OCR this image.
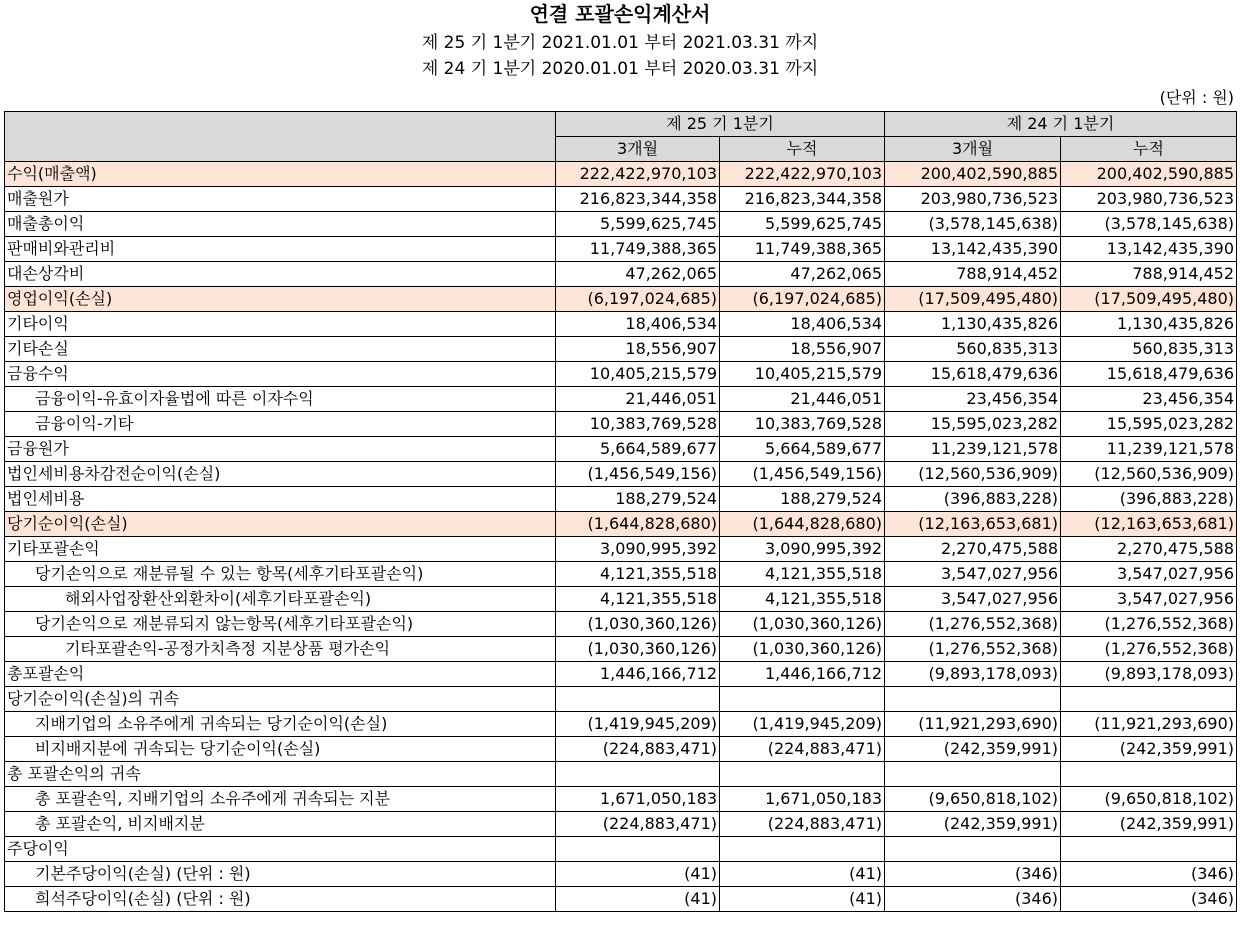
연결 포괄손익계산서
제 25 기 1분기 2021.01.01 부터 2021.03.31 까지
제 24 기 1분기 2020.01.01 부터 2020.03.31 까지
(단위 : 원)
	제 25 기 1분기		제 24 기 1분기	
	3개월	누적	3개월	누적
수익(매출액)	222,422,970,103	222,422,970,103	200,402,590,885	200,402,590,885
매출원가	216,823,344,358	216,823,344,358	203,980,736,523	203,980,736,523
매출총이익	5,599,625,745	5,599,625,745	(3,578,145,638)	(3,578,145,638)
판매비와관리비	11,749,388,365	11,749,388,365	13,142,435,390	13,142,435,390
대손상각비	47,262,065	47,262,065	788,914,452	788,914,452
영업이익(손실)	(6,197,024,685)	(6,197,024,685)	(17,509,495,480)	(17,509,495,480)
기타이익	18,406,534	18,406,534	1,130,435,826	1,130,435,826
기타손실	18,556,907	18,556,907	560,835,313	560,835,313
금융수익	10,405,215,579	10,405,215,579	15,618,479,636	15,618,479,636
금융이익-유효이자율법에 따른 이자수익	21,446,051	21,446,051	23,456,354	23,456,354
금융이익-기타	10,383,769,528	10,383,769,528	15,595,023,282	15,595,023,282
금융원가	5,664,589,677	5,664,589,677	11,239,121,578	11,239,121,578
법인세비용차감전순이익(손실)	(1,456,549,156)	(1,456,549,156)	(12,560,536,909)	(12,560,536,909)
법인세비용	188,279,524	188,279,524	(396,883,228)	(396,883,228)
당기순이익(손실)	(1,644,828,680)	(1,644,828,680)	(12,163,653,681)	(12,163,653,681)
기타포괄손익	3,090,995,392	3,090,995,392	2,270,475,588	2,270,475,588
당기손익으로 재분류될 수 있는 항목(세후기타포괄손익)	4,121,355,518	4,121,355,518	3,547,027,956	3,547,027,956
해외사업장환산외환차이(세후기타포괄손익)	4,121,355,518	4,121,355,518	3,547,027,956	3,547,027,956
당기손익으로 재분류되지 않는항목(세후기타포괄손익)	(1,030,360,126)	(1,030,360,126)	(1,276,552,368)	(1,276,552,368)
기타포괄손익-공정가치측정 지분상품 평가손익	(1,030,360,126)	(1,030,360,126)	(1,276,552,368)	(1,276,552,368)
총포괄손익	1,446,166,712	1,446,166,712	(9,893,178,093)	(9,893,178,093)
당기순이익(손실)의 귀속				
지배기업의 소유주에게 귀속되는 당기순이익(손실)	(1,419,945,209)	(1,419,945,209)	(11,921,293,690)	(11,921,293,690)
비지배지분에 귀속되는 당기순이익(손실)	(224,883,471)	(224,883,471)	(242,359,991)	(242,359,991)
총 포괄손익의 귀속				
총 포괄손익, 지배기업의 소유주에게 귀속되는 지분	1,671,050,183	1,671,050,183	(9,650,818,102)	(9,650,818,102)
총 포괄손익, 비지배지분	(224,883,471)	(224,883,471)	(242,359,991)	(242,359,991)
주당이익				
기본주당이익(손실) (단위 : 원)	(41)	(41)	(346)	(346)
희석주당이익(손실) (단위 : 원)	(41)	(41)	(346)	(346)
